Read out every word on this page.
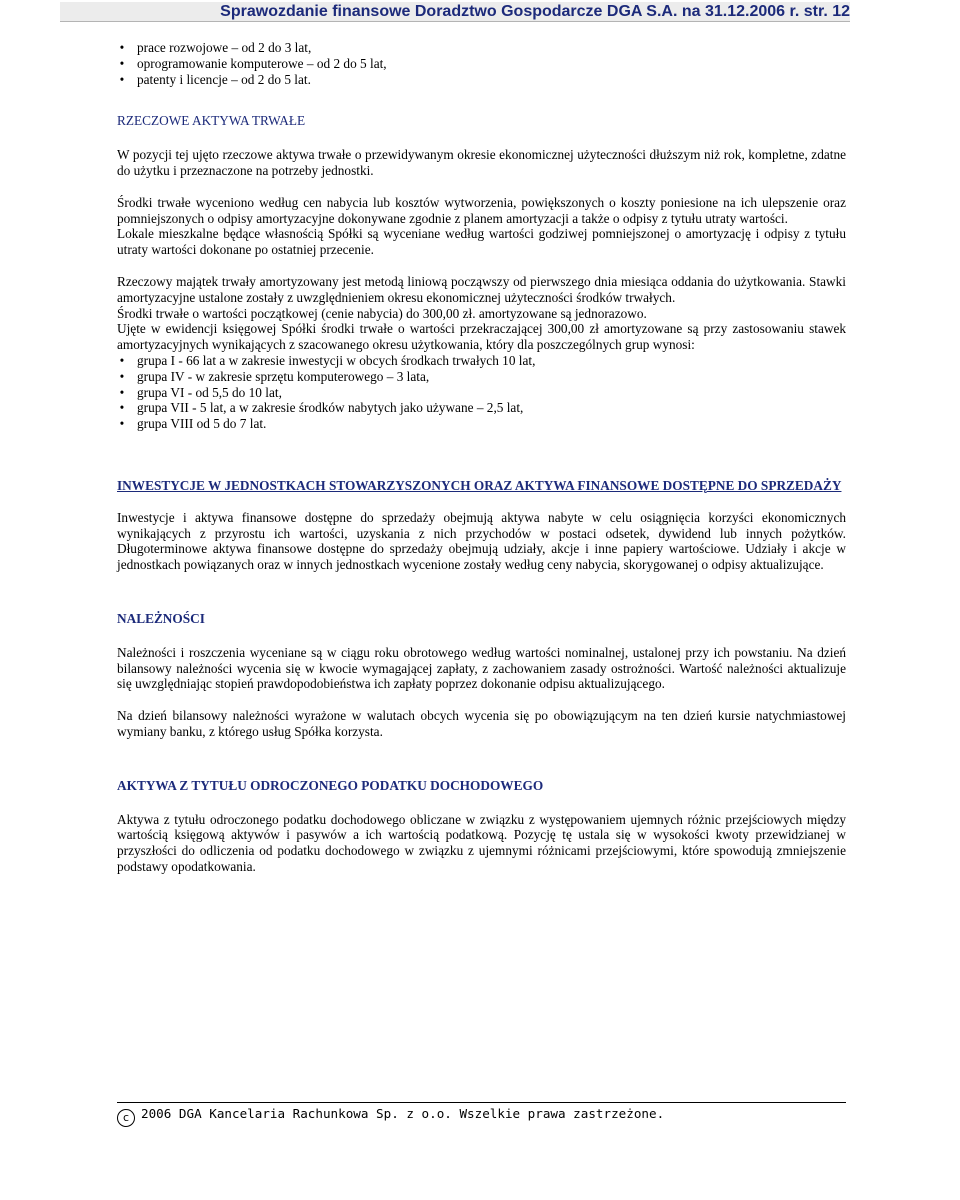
Sprawozdanie finansowe Doradztwo Gospodarcze DGA S.A. na 31.12.2006 r. str. 12
• prace rozwojowe – od 2 do 3 lat,
• oprogramowanie komputerowe – od 2 do 5 lat,
• patenty i licencje – od 2 do 5 lat.
RZECZOWE AKTYWA TRWAŁE

W pozycji tej ujęto rzeczowe aktywa trwałe o przewidywanym okresie ekonomicznej użyteczności dłuższym niż rok, kompletne, zdatne do użytku i przeznaczone na potrzeby jednostki.

Środki trwałe wyceniono według cen nabycia lub kosztów wytworzenia, powiększonych o koszty poniesione na ich ulepszenie oraz pomniejszonych o odpisy amortyzacyjne dokonywane zgodnie z planem amortyzacji a także o odpisy z tytułu utraty wartości.

Lokale mieszkalne będące własnością Spółki są wyceniane według wartości godziwej pomniejszonej o amortyzację i odpisy z tytułu utraty wartości dokonane po ostatniej przecenie.

Rzeczowy majątek trwały amortyzowany jest metodą liniową począwszy od pierwszego dnia miesiąca oddania do użytkowania. Stawki amortyzacyjne ustalone zostały z uwzględnieniem okresu ekonomicznej użyteczności środków trwałych.

Środki trwałe o wartości początkowej (cenie nabycia) do 300,00 zł. amortyzowane są jednorazowo.

Ujęte w ewidencji księgowej Spółki środki trwałe o wartości przekraczającej 300,00 zł amortyzowane są przy zastosowaniu stawek amortyzacyjnych wynikających z szacowanego okresu użytkowania, który dla poszczególnych grup wynosi:

• grupa I - 66 lat a w zakresie inwestycji w obcych środkach trwałych 10 lat,
• grupa IV - w zakresie sprzętu komputerowego – 3 lata,
• grupa VI - od 5,5 do 10 lat,
• grupa VII - 5 lat, a w zakresie środków nabytych jako używane – 2,5 lat,
• grupa VIII od 5 do 7 lat.
INWESTYCJE W JEDNOSTKACH STOWARZYSZONYCH ORAZ AKTYWA FINANSOWE DOSTĘPNE DO SPRZEDAŻY

Inwestycje i aktywa finansowe dostępne do sprzedaży obejmują aktywa nabyte w celu osiągnięcia korzyści ekonomicznych wynikających z przyrostu ich wartości, uzyskania z nich przychodów w postaci odsetek, dywidend lub innych pożytków. Długoterminowe aktywa finansowe dostępne do sprzedaży obejmują udziały, akcje i inne papiery wartościowe. Udziały i akcje w jednostkach powiązanych oraz w innych jednostkach wycenione zostały według ceny nabycia, skorygowanej o odpisy aktualizujące.

NALEŻNOŚCI

Należności i roszczenia wyceniane są w ciągu roku obrotowego według wartości nominalnej, ustalonej przy ich powstaniu. Na dzień bilansowy należności wycenia się w kwocie wymagającej zapłaty, z zachowaniem zasady ostrożności. Wartość należności aktualizuje się uwzględniając stopień prawdopodobieństwa ich zapłaty poprzez dokonanie odpisu aktualizującego.

Na dzień bilansowy należności wyrażone w walutach obcych wycenia się po obowiązującym na ten dzień kursie natychmiastowej wymiany banku, z którego usług Spółka korzysta.

AKTYWA Z TYTUŁU ODROCZONEGO PODATKU DOCHODOWEGO

Aktywa z tytułu odroczonego podatku dochodowego obliczane w związku z występowaniem ujemnych różnic przejściowych między wartością księgową aktywów i pasywów a ich wartością podatkową. Pozycję tę ustala się w wysokości kwoty przewidzianej w przyszłości do odliczenia od podatku dochodowego w związku z ujemnymi różnicami przejściowymi, które spowodują zmniejszenie podstawy opodatkowania.

c 2006 DGA Kancelaria Rachunkowa Sp. z o.o. Wszelkie prawa zastrzeżone.
